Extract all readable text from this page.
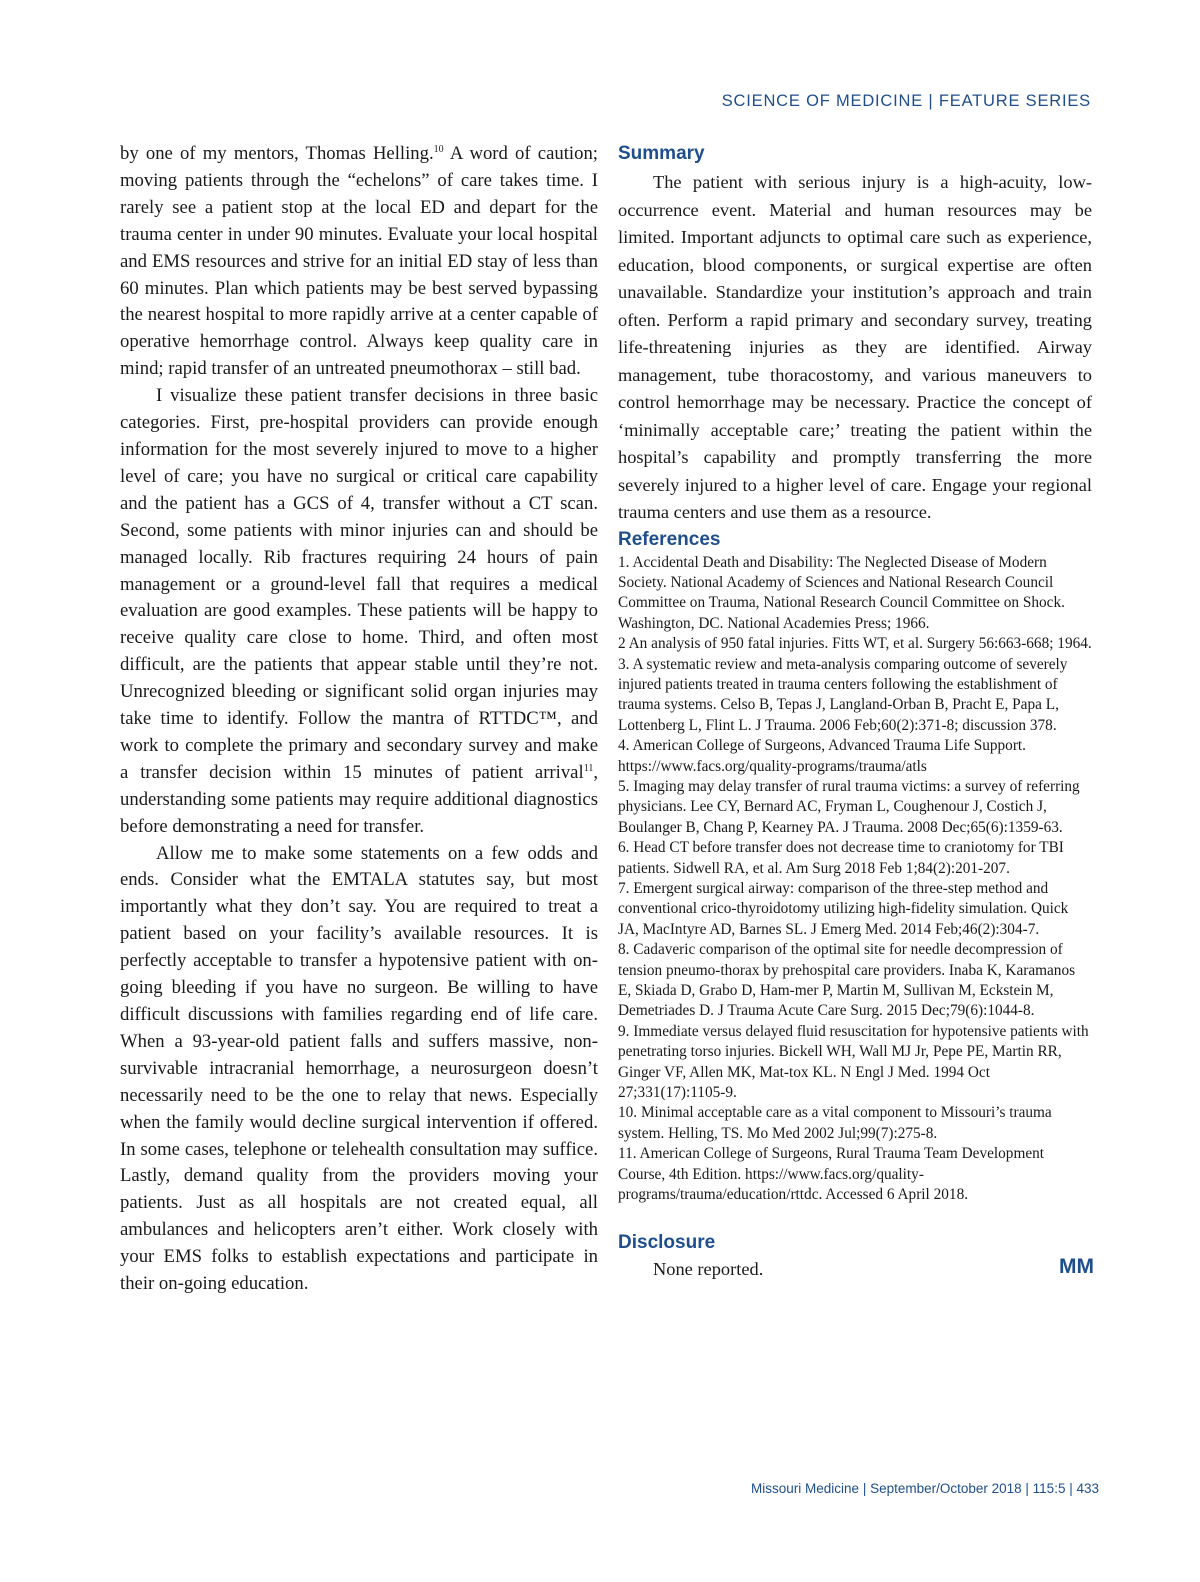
SCIENCE OF MEDICINE | FEATURE SERIES

by one of my mentors, Thomas Helling.$^{10}$ A word of caution; moving patients through the “echelons” of care takes time. I rarely see a patient stop at the local ED and depart for the trauma center in under 90 minutes. Evaluate your local hospital and EMS resources and strive for an initial ED stay of less than 60 minutes. Plan which patients may be best served bypassing the nearest hospital to more rapidly arrive at a center capable of operative hemorrhage control. Always keep quality care in mind; rapid transfer of an untreated pneumothorax – still bad.

I visualize these patient transfer decisions in three basic categories. First, pre-hospital providers can provide enough information for the most severely injured to move to a higher level of care; you have no surgical or critical care capability and the patient has a GCS of 4, transfer without a CT scan. Second, some patients with minor injuries can and should be managed locally. Rib fractures requiring 24 hours of pain management or a ground-level fall that requires a medical evaluation are good examples. These patients will be happy to receive quality care close to home. Third, and often most difficult, are the patients that appear stable until they’re not. Unrecognized bleeding or significant solid organ injuries may take time to identify. Follow the mantra of RTTDC™, and work to complete the primary and secondary survey and make a transfer decision within 15 minutes of patient arrival$^{11}$, understanding some patients may require additional diagnostics before demonstrating a need for transfer.

Allow me to make some statements on a few odds and ends. Consider what the EMTALA statutes say, but most importantly what they don’t say. You are required to treat a patient based on your facility’s available resources. It is perfectly acceptable to transfer a hypotensive patient with on-going bleeding if you have no surgeon. Be willing to have difficult discussions with families regarding end of life care. When a 93-year-old patient falls and suffers massive, non-survivable intracranial hemorrhage, a neurosurgeon doesn’t necessarily need to be the one to relay that news. Especially when the family would decline surgical intervention if offered. In some cases, telephone or telehealth consultation may suffice. Lastly, demand quality from the providers moving your patients. Just as all hospitals are not created equal, all ambulances and helicopters aren’t either. Work closely with your EMS folks to establish expectations and participate in their on-going education.

Summary

The patient with serious injury is a high-acuity, low-occurrence event. Material and human resources may be limited. Important adjuncts to optimal care such as experience, education, blood components, or surgical expertise are often unavailable. Standardize your institution’s approach and train often. Perform a rapid primary and secondary survey, treating life-threatening injuries as they are identified. Airway management, tube thoracostomy, and various maneuvers to control hemorrhage may be necessary. Practice the concept of ‘minimally acceptable care;’ treating the patient within the hospital’s capability and promptly transferring the more severely injured to a higher level of care. Engage your regional trauma centers and use them as a resource.

References
1. Accidental Death and Disability: The Neglected Disease of Modern Society. National Academy of Sciences and National Research Council Committee on Trauma, National Research Council Committee on Shock. Washington, DC. National Academies Press; 1966.
2 An analysis of 950 fatal injuries. Fitts WT, et al. Surgery 56:663-668; 1964.
3. A systematic review and meta-analysis comparing outcome of severely injured patients treated in trauma centers following the establishment of trauma systems. Celso B, Tepas J, Langland-Orban B, Pracht E, Papa L, Lottenberg L, Flint L. J Trauma. 2006 Feb;60(2):371-8; discussion 378.
4. American College of Surgeons, Advanced Trauma Life Support. https://www.facs.org/quality-programs/trauma/atls
5. Imaging may delay transfer of rural trauma victims: a survey of referring physicians. Lee CY, Bernard AC, Fryman L, Coughenour J, Costich J, Boulanger B, Chang P, Kearney PA. J Trauma. 2008 Dec;65(6):1359-63.
6. Head CT before transfer does not decrease time to craniotomy for TBI patients. Sidwell RA, et al. Am Surg 2018 Feb 1;84(2):201-207.
7. Emergent surgical airway: comparison of the three-step method and conventional crico-thyroidotomy utilizing high-fidelity simulation. Quick JA, MacIntyre AD, Barnes SL. J Emerg Med. 2014 Feb;46(2):304-7.
8. Cadaveric comparison of the optimal site for needle decompression of tension pneumo-thorax by prehospital care providers. Inaba K, Karamanos E, Skiada D, Grabo D, Ham-mer P, Martin M, Sullivan M, Eckstein M, Demetriades D. J Trauma Acute Care Surg. 2015 Dec;79(6):1044-8.
9. Immediate versus delayed fluid resuscitation for hypotensive patients with penetrating torso injuries. Bickell WH, Wall MJ Jr, Pepe PE, Martin RR, Ginger VF, Allen MK, Mat-tox KL. N Engl J Med. 1994 Oct 27;331(17):1105-9.
10. Minimal acceptable care as a vital component to Missouri’s trauma system. Helling, TS. Mo Med 2002 Jul;99(7):275-8.
11. American College of Surgeons, Rural Trauma Team Development Course, 4th Edition. https://www.facs.org/quality-programs/trauma/education/rttdc. Accessed 6 April 2018.
Disclosure
None reported.	MM
Missouri Medicine | September/October 2018 | 115:5 | 433
